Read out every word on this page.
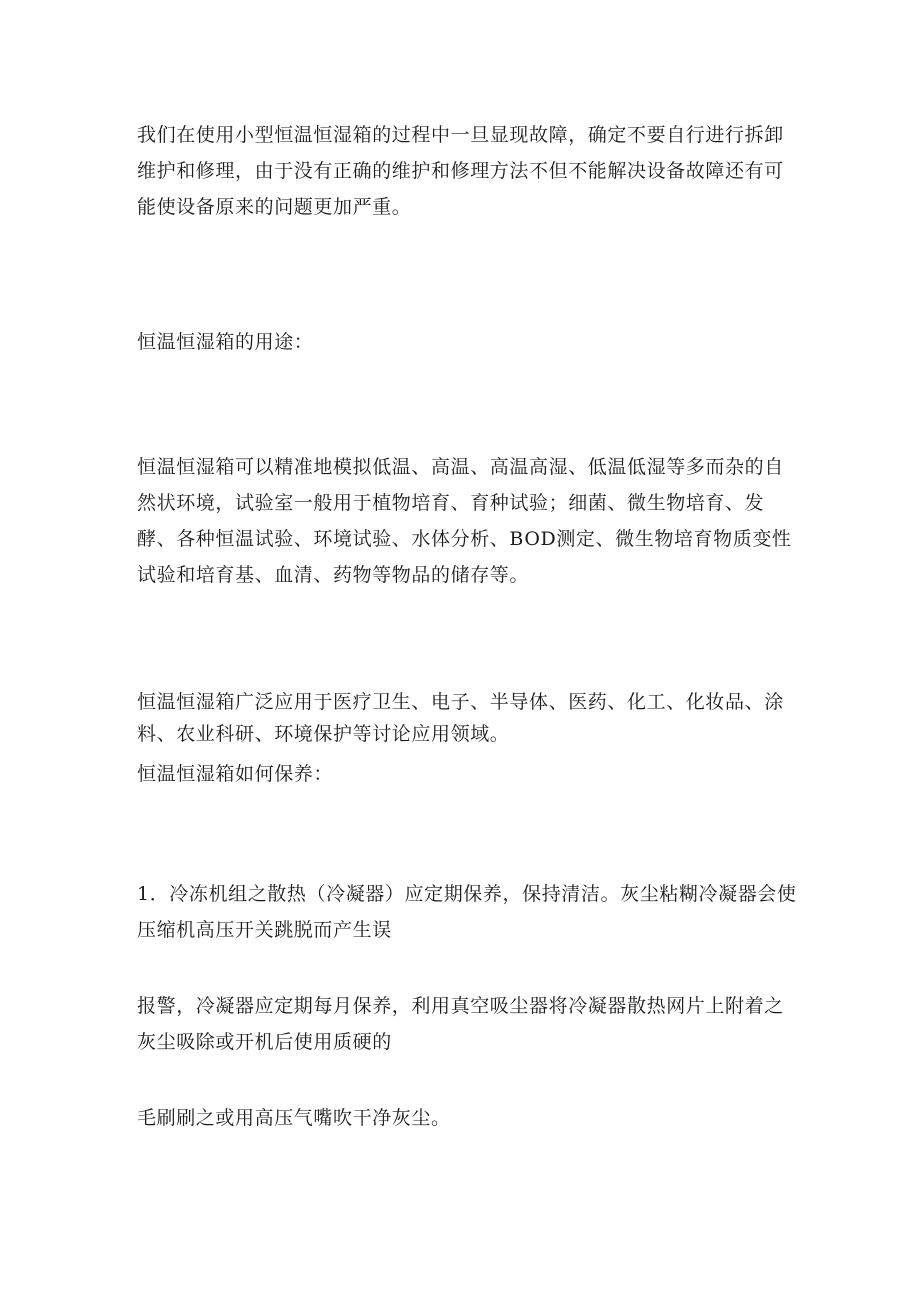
我们在使用小型恒温恒湿箱的过程中一旦显现故障，确定不要自行进行拆卸维护和修理，由于没有正确的维护和修理方法不但不能解决设备故障还有可能使设备原来的问题更加严重。

恒温恒湿箱的用途：

恒温恒湿箱可以精准地模拟低温、高温、高温高湿、低温低湿等多而杂的自然状环境，试验室一般用于植物培育、育种试验；细菌、微生物培育、发酵、各种恒温试验、环境试验、水体分析、BOD测定、微生物培育物质变性试验和培育基、血清、药物等物品的储存等。

恒温恒湿箱广泛应用于医疗卫生、电子、半导体、医药、化工、化妆品、涂料、农业科研、环境保护等讨论应用领域。

恒温恒湿箱如何保养：

1．冷冻机组之散热（冷凝器）应定期保养，保持清洁。灰尘粘糊冷凝器会使压缩机高压开关跳脱而产生误

报警，冷凝器应定期每月保养，利用真空吸尘器将冷凝器散热网片上附着之灰尘吸除或开机后使用质硬的

毛刷刷之或用高压气嘴吹干净灰尘。
